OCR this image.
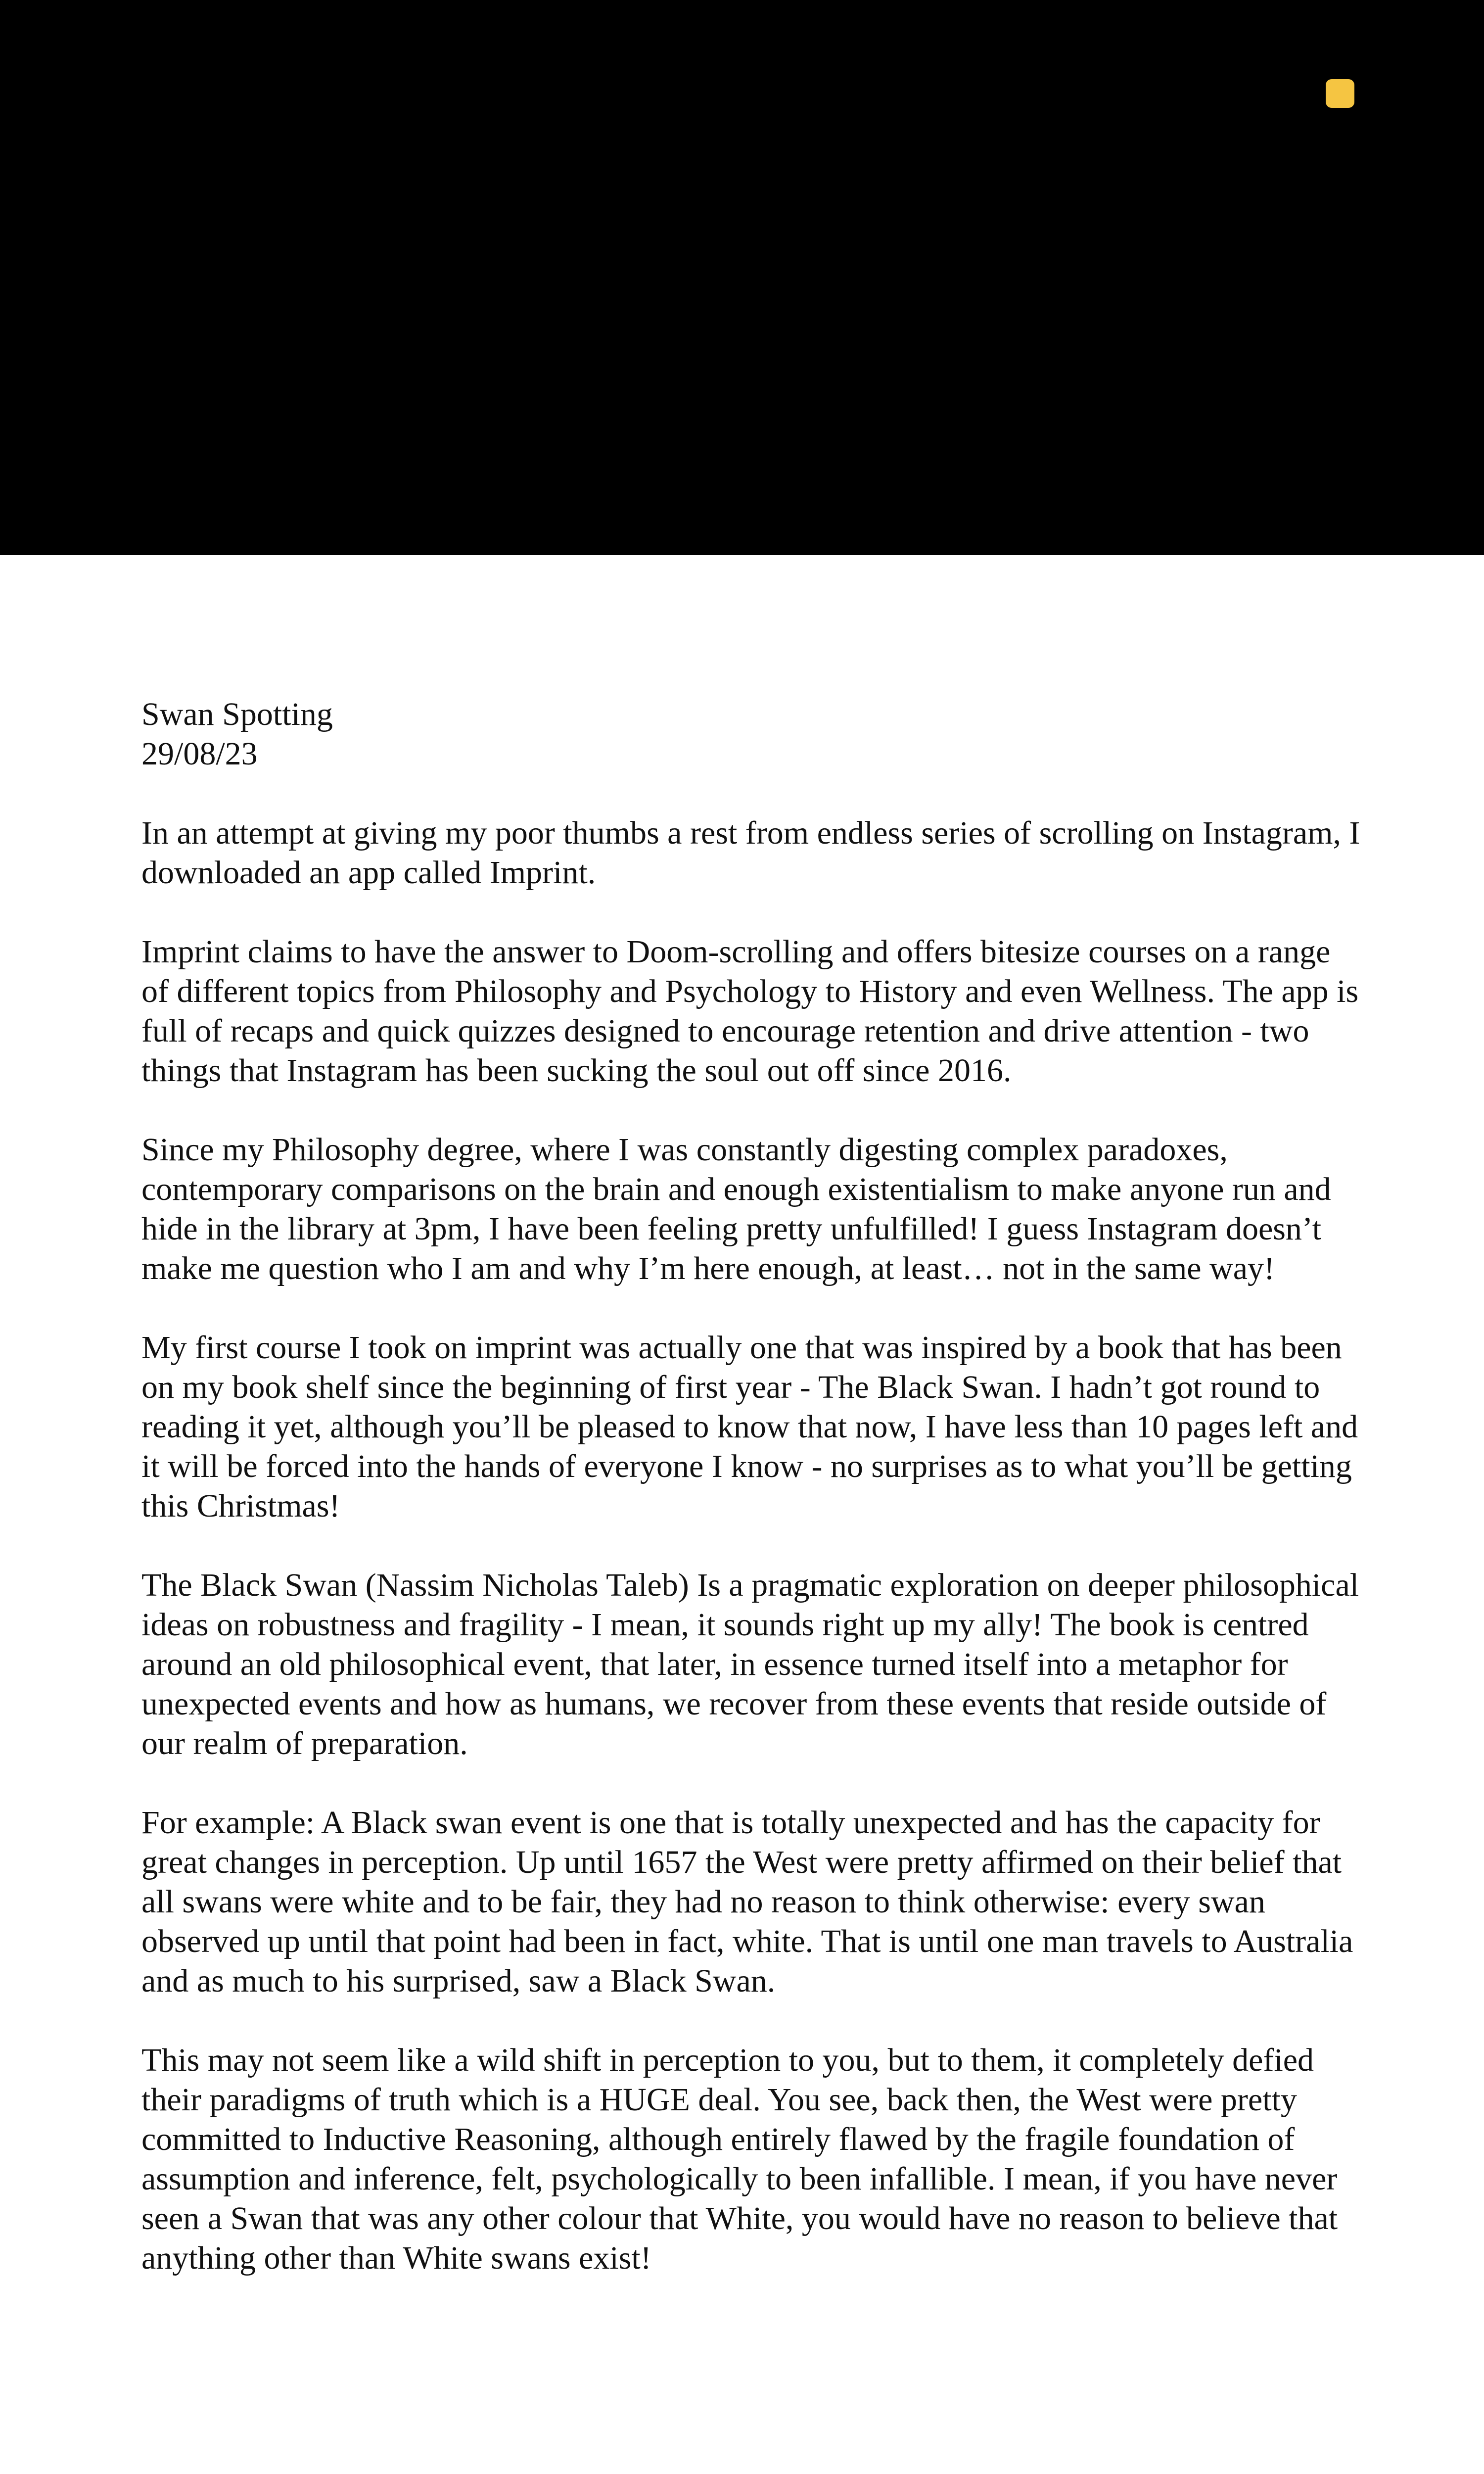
Swan Spotting

29/08/23

In an attempt at giving my poor thumbs a rest from endless series of scrolling on Instagram, I downloaded an app called Imprint.

Imprint claims to have the answer to Doom-scrolling and offers bitesize courses on a range of different topics from Philosophy and Psychology to History and even Wellness. The app is full of recaps and quick quizzes designed to encourage retention and drive attention - two things that Instagram has been sucking the soul out off since 2016.

Since my Philosophy degree, where I was constantly digesting complex paradoxes, contemporary comparisons on the brain and enough existentialism to make anyone run and hide in the library at 3pm, I have been feeling pretty unfulfilled! I guess Instagram doesn’t make me question who I am and why I’m here enough, at least… not in the same way!

My first course I took on imprint was actually one that was inspired by a book that has been on my book shelf since the beginning of first year - The Black Swan. I hadn’t got round to reading it yet, although you’ll be pleased to know that now, I have less than 10 pages left and it will be forced into the hands of everyone I know - no surprises as to what you’ll be getting this Christmas!

The Black Swan (Nassim Nicholas Taleb) Is a pragmatic exploration on deeper philosophical ideas on robustness and fragility - I mean, it sounds right up my ally! The book is centred around an old philosophical event, that later, in essence turned itself into a metaphor for unexpected events and how as humans, we recover from these events that reside outside of our realm of preparation.

For example: A Black swan event is one that is totally unexpected and has the capacity for great changes in perception. Up until 1657 the West were pretty affirmed on their belief that all swans were white and to be fair, they had no reason to think otherwise: every swan observed up until that point had been in fact, white. That is until one man travels to Australia and as much to his surprised, saw a Black Swan.

This may not seem like a wild shift in perception to you, but to them, it completely defied their paradigms of truth which is a HUGE deal. You see, back then, the West were pretty committed to Inductive Reasoning, although entirely flawed by the fragile foundation of assumption and inference, felt, psychologically to been infallible. I mean, if you have never seen a Swan that was any other colour that White, you would have no reason to believe that anything other than White swans exist!
